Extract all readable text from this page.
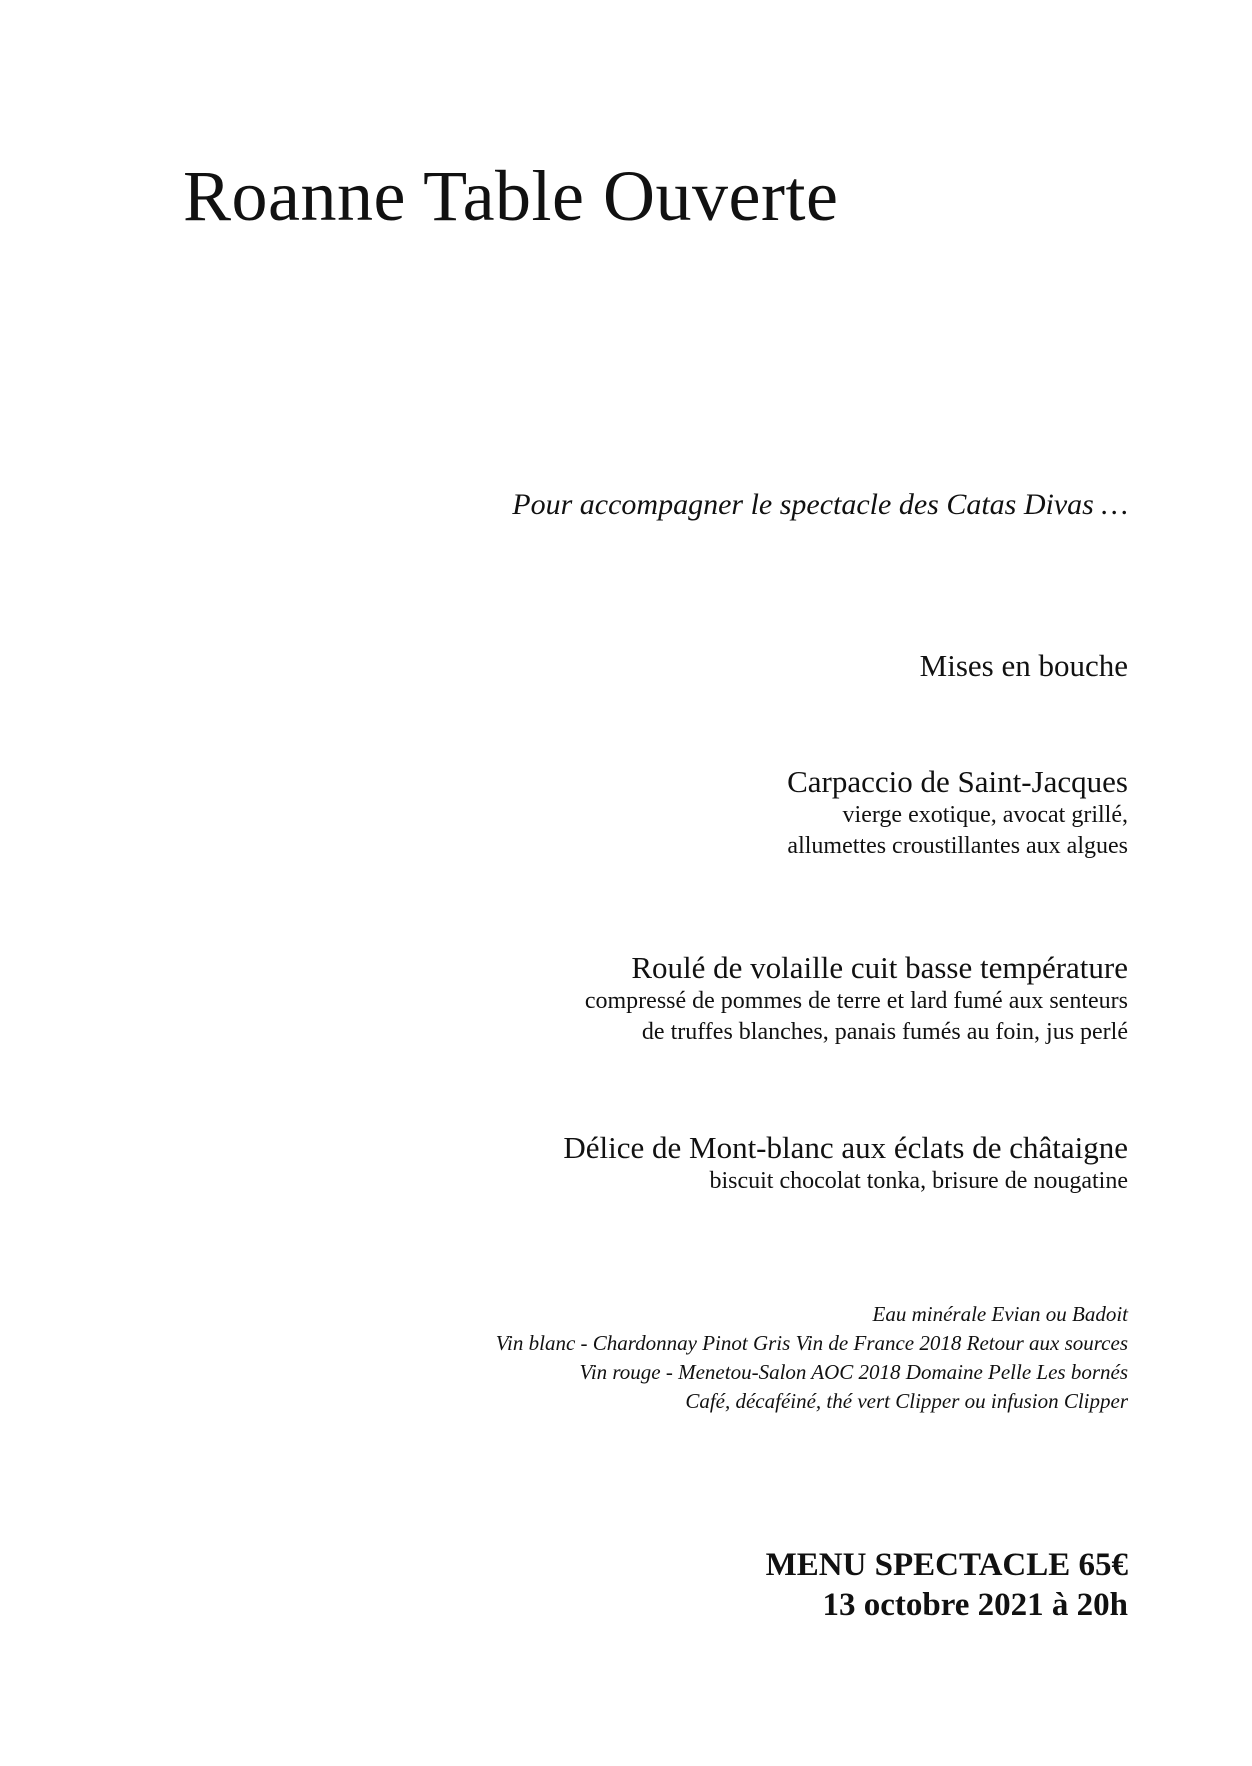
Roanne Table Ouverte
Pour accompagner le spectacle des Catas Divas …
Mises en bouche
Carpaccio de Saint-Jacques
vierge exotique, avocat grillé,
allumettes croustillantes aux algues
Roulé de volaille cuit basse température
compressé de pommes de terre et lard fumé aux senteurs
de truffes blanches, panais fumés au foin, jus perlé
Délice de Mont-blanc aux éclats de châtaigne
biscuit chocolat tonka, brisure de nougatine
Eau minérale Evian ou Badoit
Vin blanc - Chardonnay Pinot Gris Vin de France 2018 Retour aux sources
Vin rouge - Menetou-Salon AOC 2018 Domaine Pelle Les bornés
Café, décaféiné, thé vert Clipper ou infusion Clipper
MENU SPECTACLE 65€
13 octobre 2021 à 20h
